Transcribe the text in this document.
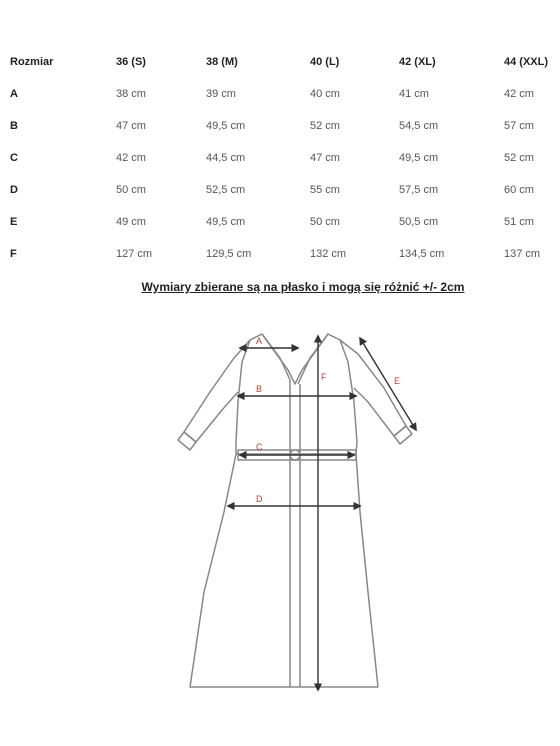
Rozmiar	36 (S)	38 (M)	40 (L)	42 (XL)	44 (XXL)
A	38 cm	39 cm	40 cm	41 cm	42 cm
B	47 cm	49,5 cm	52 cm	54,5 cm	57 cm
C	42 cm	44,5 cm	47 cm	49,5 cm	52 cm
D	50 cm	52,5 cm	55 cm	57,5 cm	60 cm
E	49 cm	49,5 cm	50 cm	50,5 cm	51 cm
F	127 cm	129,5 cm	132 cm	134,5 cm	137 cm
Wymiary zbierane są na płasko i mogą się różnić +/- 2cm
A
B
C
D
E
F
